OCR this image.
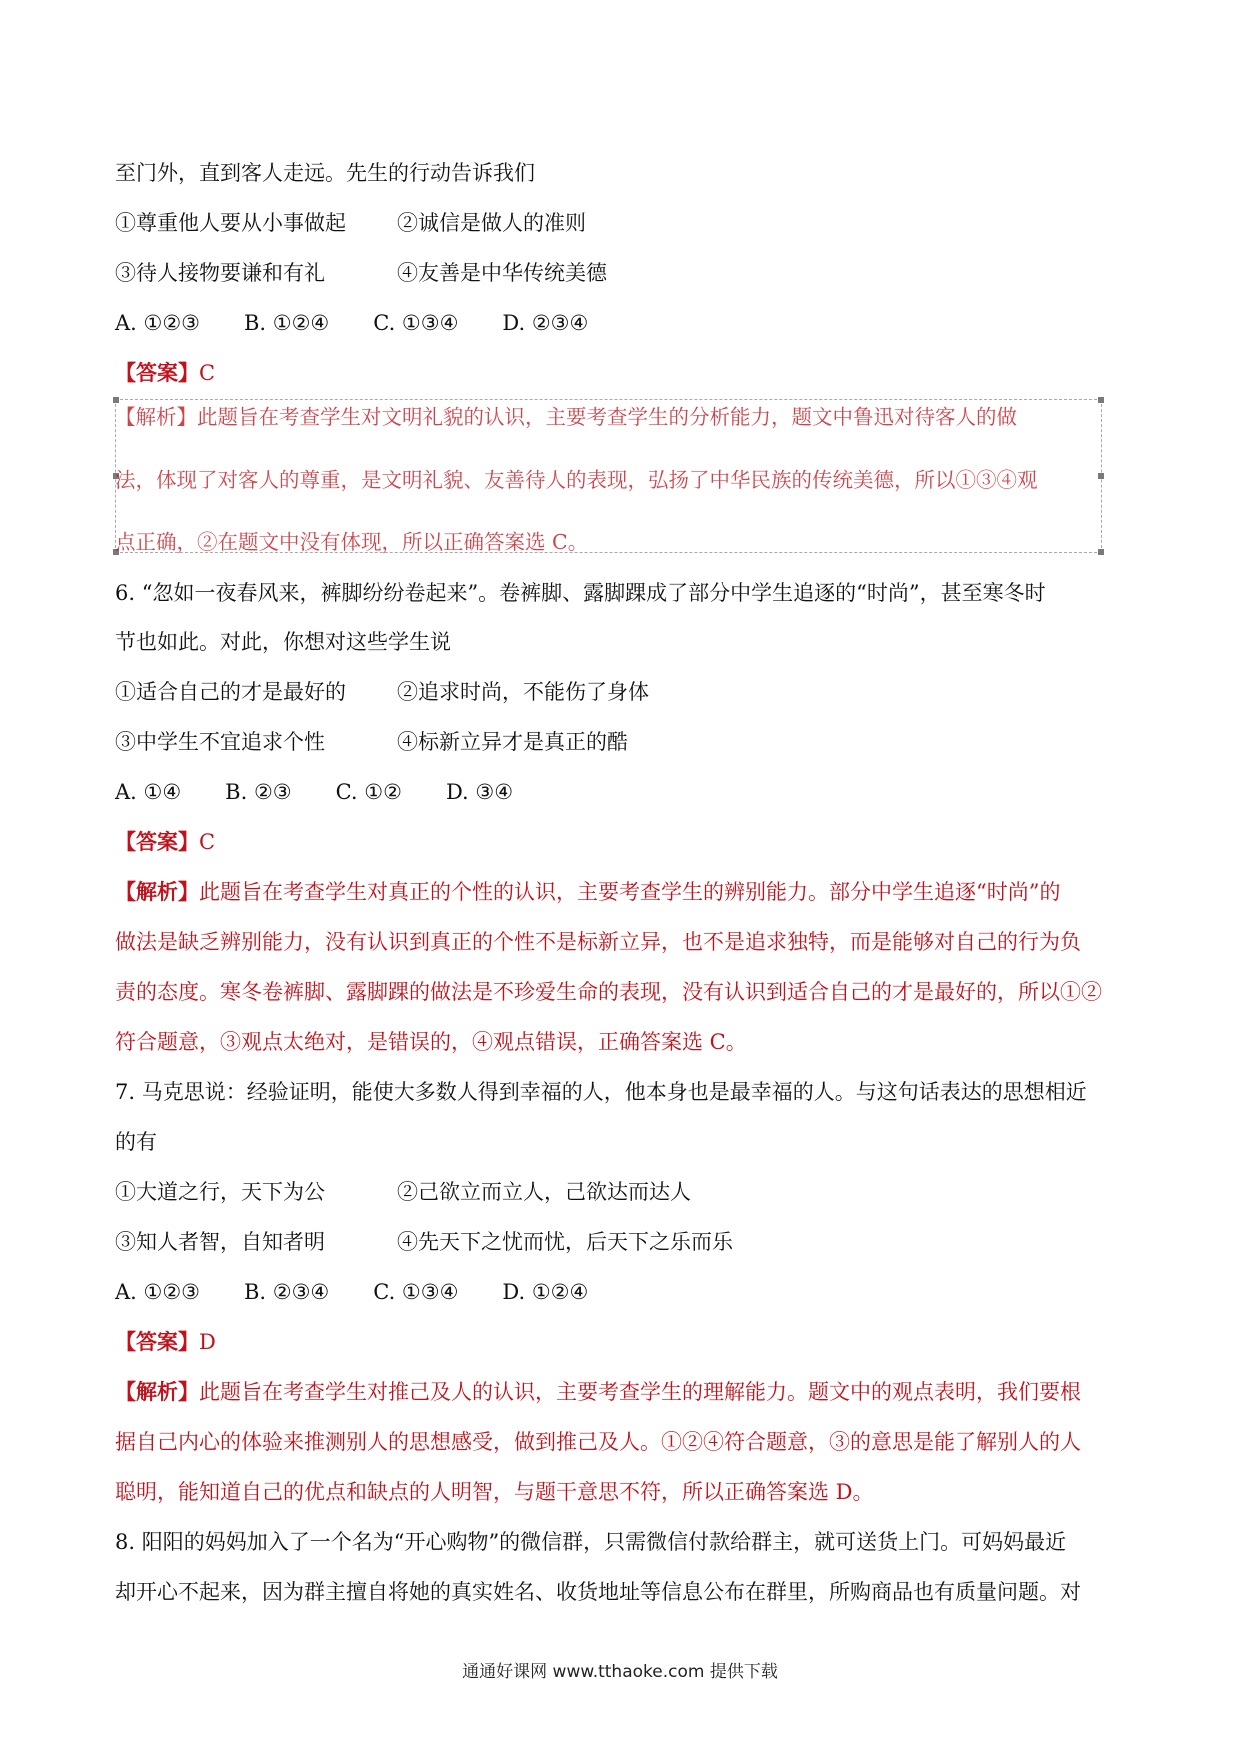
至门外，直到客人走远。先生的行动告诉我们
①尊重他人要从小事做起 ②诚信是做人的准则
③待人接物要谦和有礼	④友善是中华传统美德
A. ①②③ B. ①②④ C. ①③④ D. ②③④
【答案】C
【解析】此题旨在考查学生对文明礼貌的认识，主要考查学生的分析能力，题文中鲁迅对待客人的做
法，体现了对客人的尊重，是文明礼貌、友善待人的表现，弘扬了中华民族的传统美德，所以①③④观
点正确，②在题文中没有体现，所以正确答案选 C。
6. “忽如一夜春风来，裤脚纷纷卷起来”。卷裤脚、露脚踝成了部分中学生追逐的“时尚”，甚至寒冬时
节也如此。对此，你想对这些学生说
①适合自己的才是最好的 ②追求时尚，不能伤了身体
③中学生不宜追求个性	④标新立异才是真正的酷
A. ①④ B. ②③ C. ①② D. ③④
【答案】C
【解析】此题旨在考查学生对真正的个性的认识，主要考查学生的辨别能力。部分中学生追逐“时尚”的
做法是缺乏辨别能力，没有认识到真正的个性不是标新立异，也不是追求独特，而是能够对自己的行为负
责的态度。寒冬卷裤脚、露脚踝的做法是不珍爱生命的表现，没有认识到适合自己的才是最好的，所以①②
符合题意，③观点太绝对，是错误的，④观点错误，正确答案选 C。
7. 马克思说：经验证明，能使大多数人得到幸福的人，他本身也是最幸福的人。与这句话表达的思想相近
的有
①大道之行，天下为公	②己欲立而立人，己欲达而达人
③知人者智，自知者明	④先天下之忧而忧，后天下之乐而乐
A. ①②③ B. ②③④ C. ①③④ D. ①②④
【答案】D
【解析】此题旨在考查学生对推己及人的认识，主要考查学生的理解能力。题文中的观点表明，我们要根
据自己内心的体验来推测别人的思想感受，做到推己及人。①②④符合题意，③的意思是能了解别人的人
聪明，能知道自己的优点和缺点的人明智，与题干意思不符，所以正确答案选 D。
8. 阳阳的妈妈加入了一个名为“开心购物”的微信群，只需微信付款给群主，就可送货上门。可妈妈最近
却开心不起来，因为群主擅自将她的真实姓名、收货地址等信息公布在群里，所购商品也有质量问题。对
通通好课网 www.tthaoke.com 提供下载
